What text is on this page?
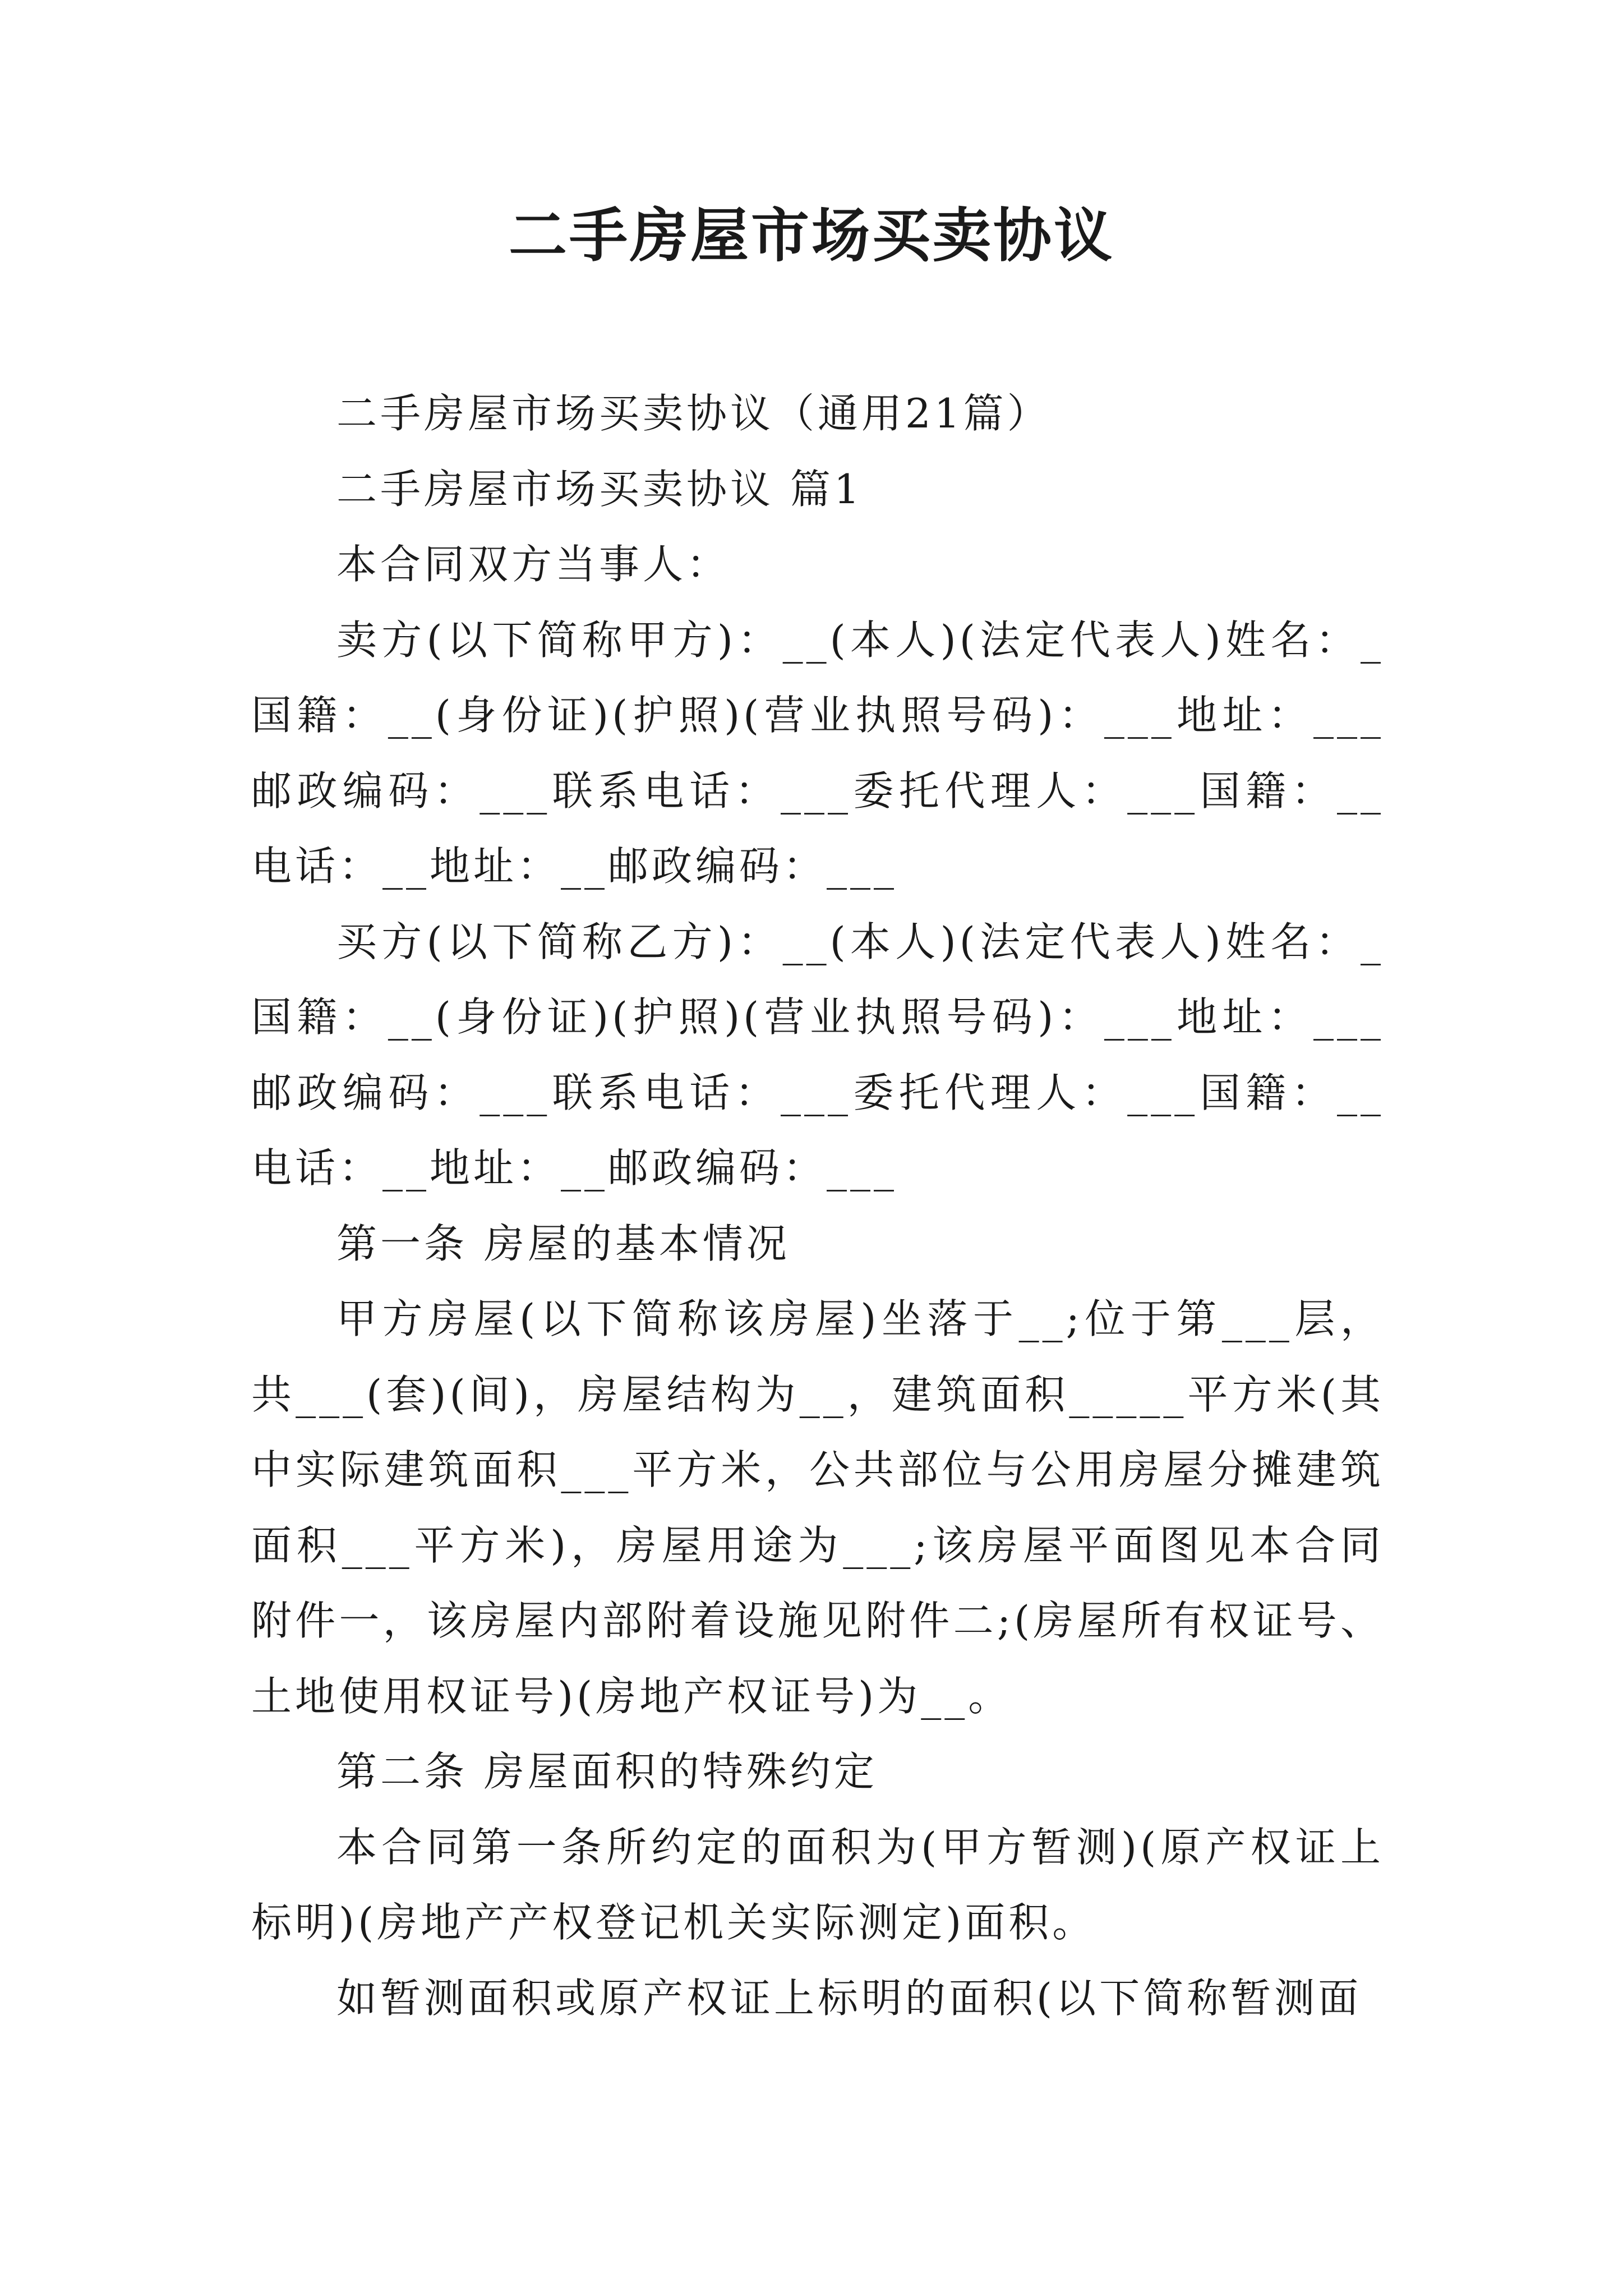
二手房屋市场买卖协议

二手房屋市场买卖协议（通用21篇）

二手房屋市场买卖协议 篇1

本合同双方当事人：

卖方(以下简称甲方)：__(本人)(法定代表人)姓名：_国籍：__(身份证)(护照)(营业执照号码)：___地址：___邮政编码：___联系电话：___委托代理人：___国籍：__电话：__地址：__邮政编码：___

买方(以下简称乙方)：__(本人)(法定代表人)姓名：_国籍：__(身份证)(护照)(营业执照号码)：___地址：___邮政编码：___联系电话：___委托代理人：___国籍：__电话：__地址：__邮政编码：___

第一条 房屋的基本情况

甲方房屋(以下简称该房屋)坐落于__;位于第___层，共___(套)(间)，房屋结构为__，建筑面积_____平方米(其中实际建筑面积___平方米，公共部位与公用房屋分摊建筑面积___平方米)，房屋用途为___;该房屋平面图见本合同附件一，该房屋内部附着设施见附件二;(房屋所有权证号、土地使用权证号)(房地产权证号)为__。

第二条 房屋面积的特殊约定

本合同第一条所约定的面积为(甲方暂测)(原产权证上标明)(房地产产权登记机关实际测定)面积。

如暂测面积或原产权证上标明的面积(以下简称暂测面
